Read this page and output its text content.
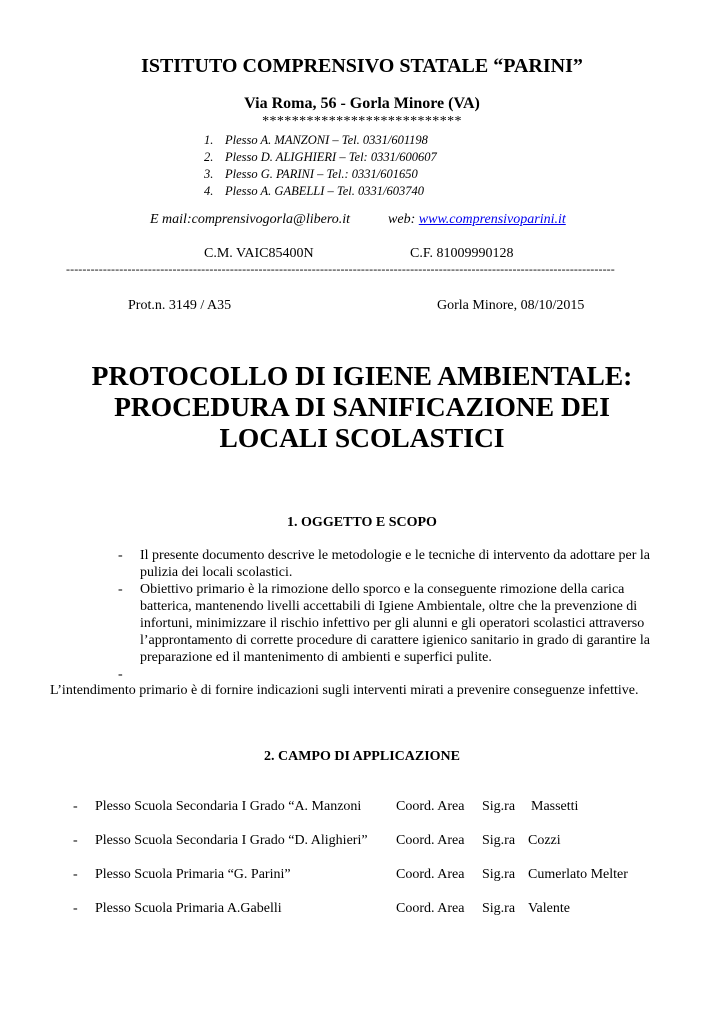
ISTITUTO COMPRENSIVO STATALE “PARINI”
Via Roma, 56 - Gorla Minore (VA)
***************************
1. Plesso A. MANZONI – Tel. 0331/601198
2. Plesso D. ALIGHIERI – Tel: 0331/600607
3. Plesso G. PARINI – Tel.: 0331/601650
4. Plesso A. GABELLI – Tel. 0331/603740
E mail:comprensivogorla@libero.it	web: www.comprensivoparini.it
C.M. VAIC85400N	C.F. 81009990128
--------------------------------------------------------------------------------------------------------------------------------------
Prot.n. 3149 / A35	Gorla Minore, 08/10/2015
PROTOCOLLO DI IGIENE AMBIENTALE:
PROCEDURA DI SANIFICAZIONE DEI
LOCALI SCOLASTICI
1. OGGETTO E SCOPO
-	Il presente documento descrive le metodologie e le tecniche di intervento da adottare per la pulizia dei locali scolastici.
-	Obiettivo primario è la rimozione dello sporco e la conseguente rimozione della carica batterica, mantenendo livelli accettabili di Igiene Ambientale, oltre che la prevenzione di infortuni, minimizzare il rischio infettivo per gli alunni e gli operatori scolastici attraverso l’approntamento di corrette procedure di carattere igienico sanitario in grado di garantire la preparazione ed il mantenimento di ambienti e superfici pulite.
-
L’intendimento primario è di fornire indicazioni sugli interventi mirati a prevenire conseguenze infettive.
2. CAMPO DI APPLICAZIONE
- Plesso Scuola Secondaria I Grado “A. Manzoni Coord. Area Sig.ra Massetti
- Plesso Scuola Secondaria I Grado “D. Alighieri” Coord. Area Sig.ra Cozzi
- Plesso Scuola Primaria “G. Parini”	Coord. Area Sig.ra Cumerlato Melter
- Plesso Scuola Primaria A.Gabelli	Coord. Area Sig.ra Valente
